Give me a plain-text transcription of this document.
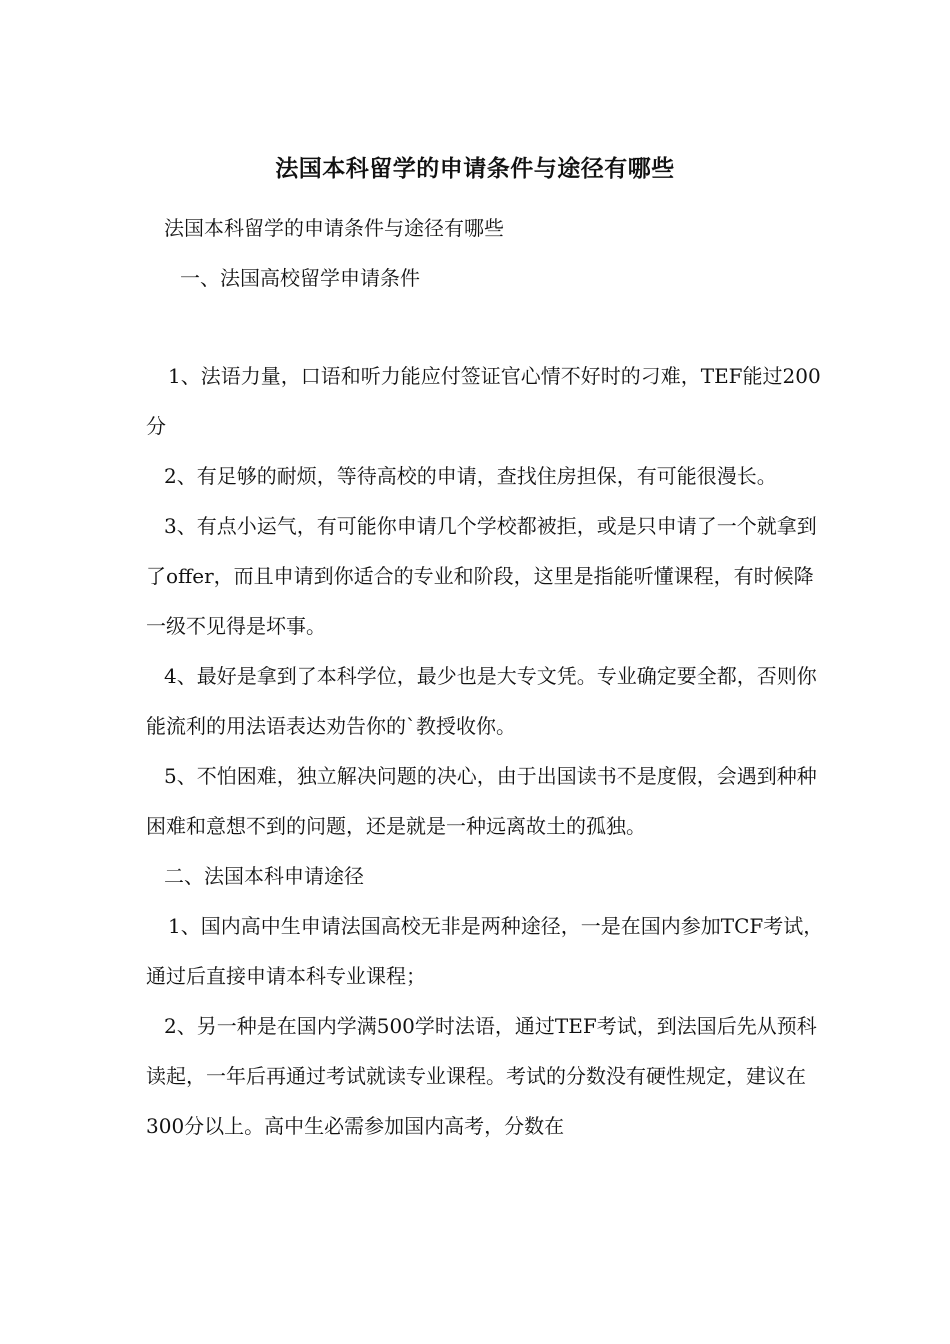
法国本科留学的申请条件与途径有哪些

法国本科留学的申请条件与途径有哪些

一、法国高校留学申请条件

1、法语力量，口语和听力能应付签证官心情不好时的刁难，TEF能过200分

2、有足够的耐烦，等待高校的申请，查找住房担保，有可能很漫长。

3、有点小运气，有可能你申请几个学校都被拒，或是只申请了一个就拿到了offer，而且申请到你适合的专业和阶段，这里是指能听懂课程，有时候降一级不见得是坏事。

4、最好是拿到了本科学位，最少也是大专文凭。专业确定要全都，否则你能流利的用法语表达劝告你的`教授收你。

5、不怕困难，独立解决问题的决心，由于出国读书不是度假，会遇到种种困难和意想不到的问题，还是就是一种远离故土的孤独。

二、法国本科申请途径

1、国内高中生申请法国高校无非是两种途径，一是在国内参加TCF考试，通过后直接申请本科专业课程；

2、另一种是在国内学满500学时法语，通过TEF考试，到法国后先从预科读起，一年后再通过考试就读专业课程。考试的分数没有硬性规定，建议在300分以上。高中生必需参加国内高考，分数在
